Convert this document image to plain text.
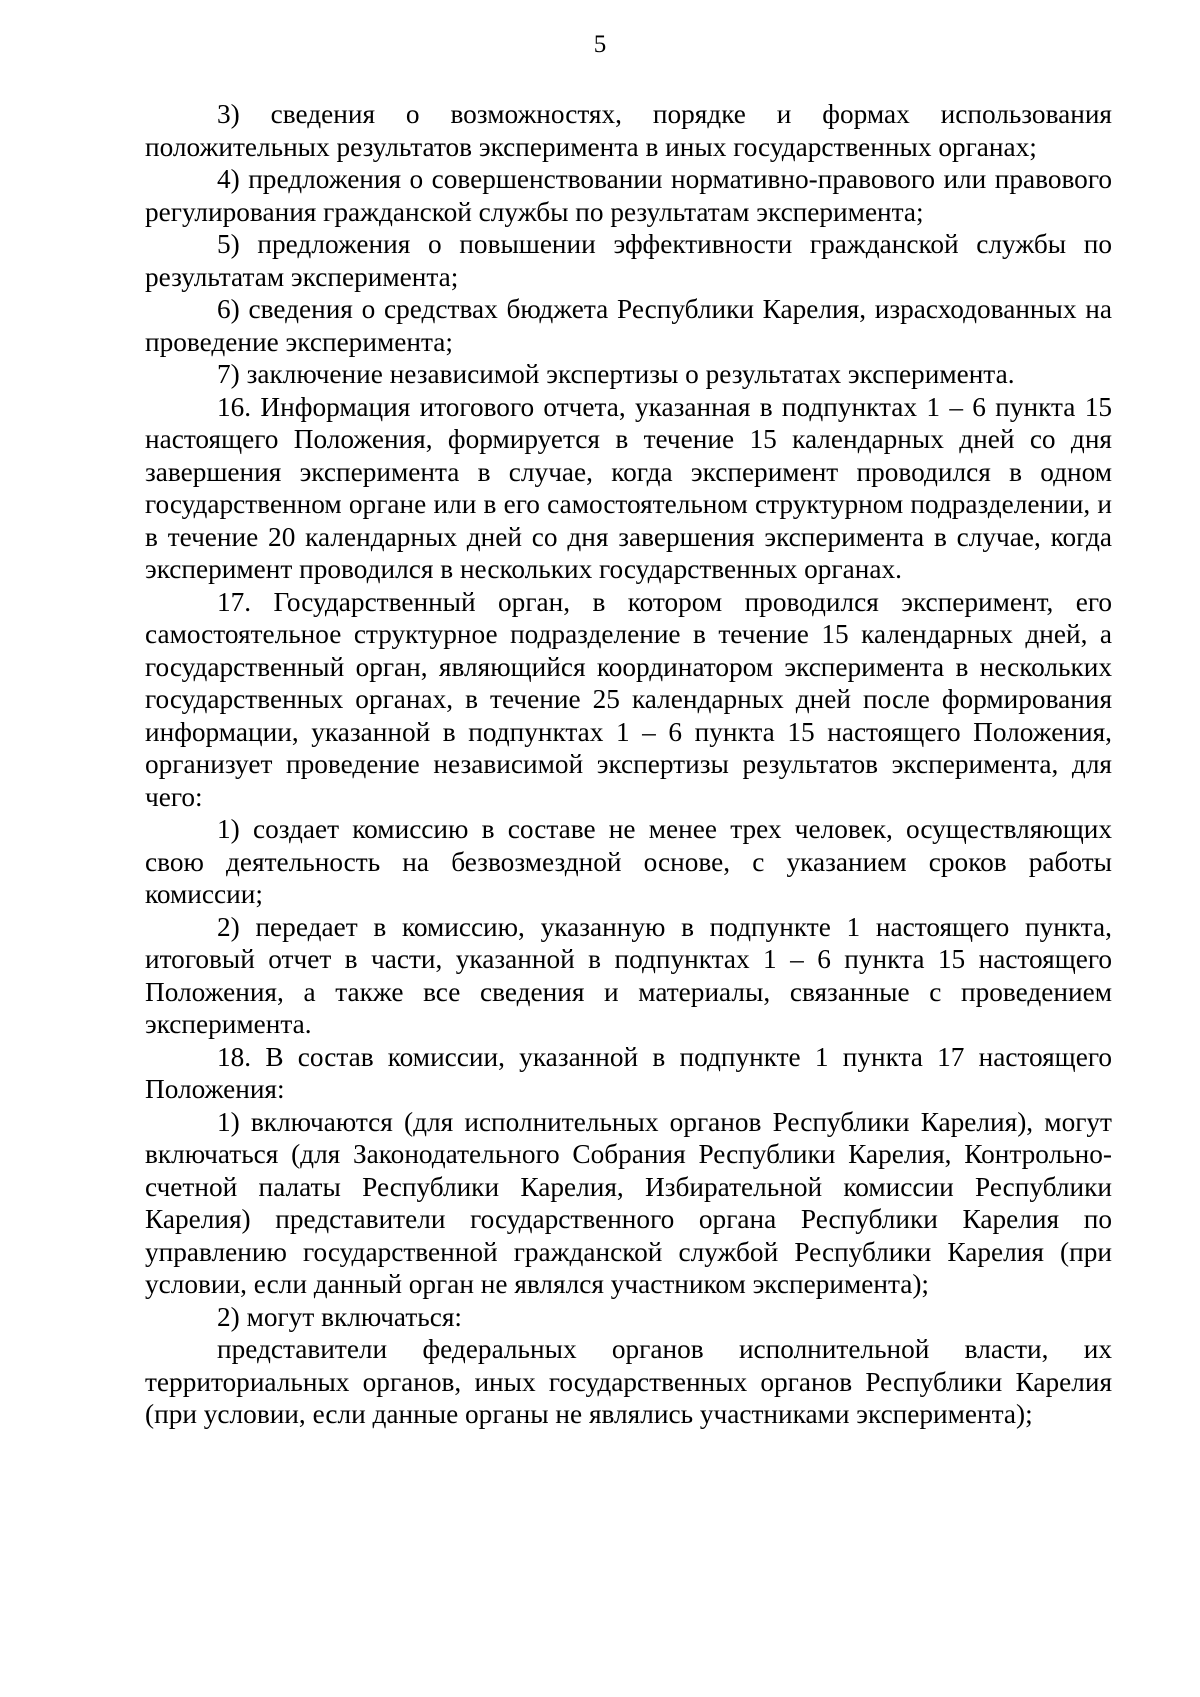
5

3) сведения о возможностях, порядке и формах использования положительных результатов эксперимента в иных государственных органах;

4) предложения о совершенствовании нормативно-правового или правового регулирования гражданской службы по результатам эксперимента;

5) предложения о повышении эффективности гражданской службы по результатам эксперимента;

6) сведения о средствах бюджета Республики Карелия, израсходованных на проведение эксперимента;

7) заключение независимой экспертизы о результатах эксперимента.

16. Информация итогового отчета, указанная в подпунктах 1 – 6 пункта 15 настоящего Положения, формируется в течение 15 календарных дней со дня завершения эксперимента в случае, когда эксперимент проводился в одном государственном органе или в его самостоятельном структурном подразделении, и в течение 20 календарных дней со дня завершения эксперимента в случае, когда эксперимент проводился в нескольких государственных органах.

17. Государственный орган, в котором проводился эксперимент, его самостоятельное структурное подразделение в течение 15 календарных дней, а государственный орган, являющийся координатором эксперимента в нескольких государственных органах, в течение 25 календарных дней после формирования информации, указанной в подпунктах 1 – 6 пункта 15 настоящего Положения, организует проведение независимой экспертизы результатов эксперимента, для чего:

1) создает комиссию в составе не менее трех человек, осуществляющих свою деятельность на безвозмездной основе, с указанием сроков работы комиссии;

2) передает в комиссию, указанную в подпункте 1 настоящего пункта, итоговый отчет в части, указанной в подпунктах 1 – 6 пункта 15 настоящего Положения, а также все сведения и материалы, связанные с проведением эксперимента.

18. В состав комиссии, указанной в подпункте 1 пункта 17 настоящего Положения:

1) включаются (для исполнительных органов Республики Карелия), могут включаться (для Законодательного Собрания Республики Карелия, Контрольно-счетной палаты Республики Карелия, Избирательной комиссии Республики Карелия) представители государственного органа Республики Карелия по управлению государственной гражданской службой Республики Карелия (при условии, если данный орган не являлся участником эксперимента);

2) могут включаться:

представители федеральных органов исполнительной власти, их территориальных органов, иных государственных органов Республики Карелия (при условии, если данные органы не являлись участниками эксперимента);
